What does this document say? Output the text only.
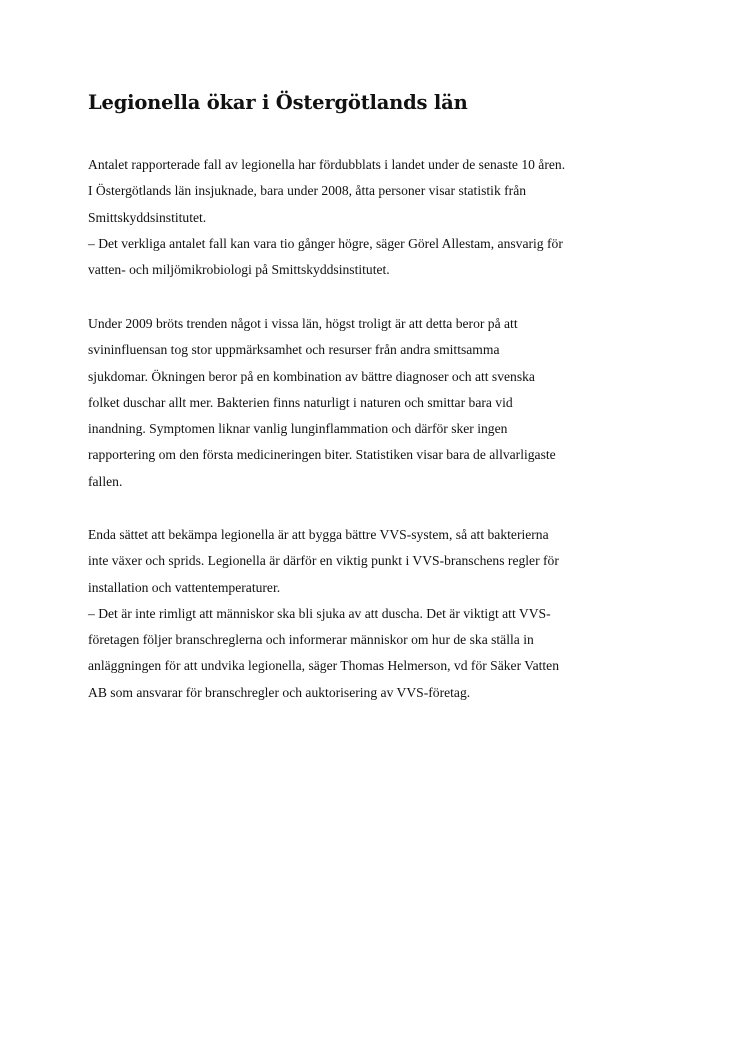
Legionella ökar i Östergötlands län

Antalet rapporterade fall av legionella har fördubblats i landet under de senaste 10 åren.
I Östergötlands län insjuknade, bara under 2008, åtta personer visar statistik från
Smittskyddsinstitutet.
– Det verkliga antalet fall kan vara tio gånger högre, säger Görel Allestam, ansvarig för
vatten- och miljömikrobiologi på Smittskyddsinstitutet.

Under 2009 bröts trenden något i vissa län, högst troligt är att detta beror på att
svininfluensan tog stor uppmärksamhet och resurser från andra smittsamma
sjukdomar. Ökningen beror på en kombination av bättre diagnoser och att svenska
folket duschar allt mer. Bakterien finns naturligt i naturen och smittar bara vid
inandning. Symptomen liknar vanlig lunginflammation och därför sker ingen
rapportering om den första medicineringen biter. Statistiken visar bara de allvarligaste
fallen.

Enda sättet att bekämpa legionella är att bygga bättre VVS-system, så att bakterierna
inte växer och sprids. Legionella är därför en viktig punkt i VVS-branschens regler för
installation och vattentemperaturer.
– Det är inte rimligt att människor ska bli sjuka av att duscha. Det är viktigt att VVS-
företagen följer branschreglerna och informerar människor om hur de ska ställa in
anläggningen för att undvika legionella, säger Thomas Helmerson, vd för Säker Vatten
AB som ansvarar för branschregler och auktorisering av VVS-företag.
